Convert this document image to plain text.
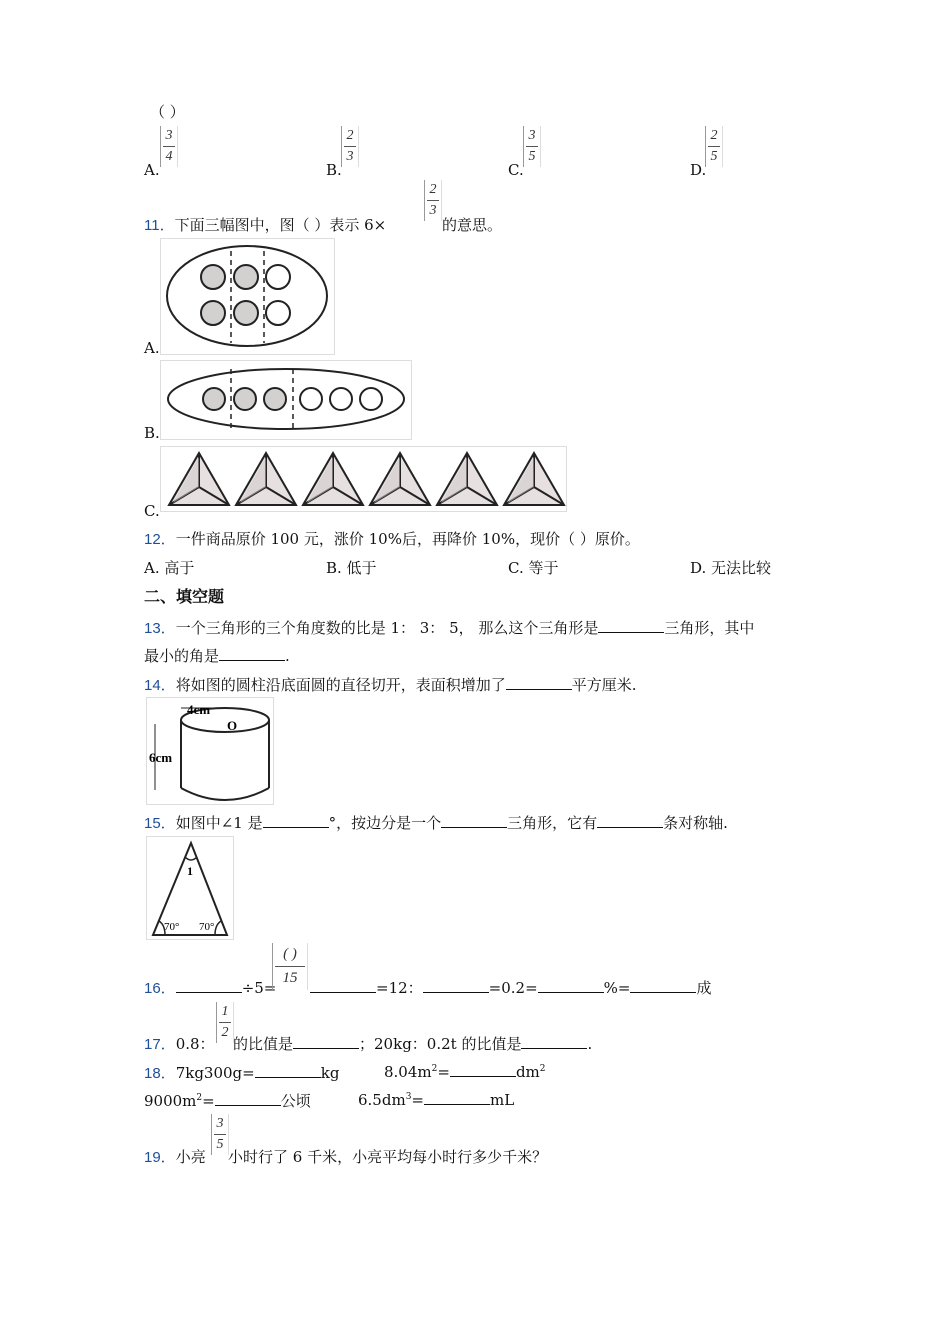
（ ）
A.
$\frac{3}{4}$
B.
$\frac{2}{3}$
C.
$\frac{3}{5}$
D.
$\frac{2}{5}$
11．下面三幅图中，图（ ）表示 6×
$\frac{2}{3}$
的意思。
A.
B.
C.
12．一件商品原价 100 元，涨价 10%后，再降价 10%，现价（ ）原价。
A. 高于	B. 低于	C. 等于	D. 无法比较
二、填空题
13．一个三角形的三个角度数的比是 1： 3： 5， 那么这个三角形是	三角形，其中
最小的角是	.
14．将如图的圆柱沿底面圆的直径切开，表面积增加了	平方厘米.
4cm
O
6cm
15．如图中∠1 是	°，按边分是一个	三角形，它有	条对称轴.
1
70° 70°
16．	÷5=
( )
15
=12：	=0.2=	%=	成
17．0.8：
$\frac{1}{2}$
的比值是	；20kg：0.2t 的比值是	.
18．7kg300g=	kg	$8.04m^2=$	$dm^2$
$9000m^2=$	公顷	$6.5dm^3=$	mL
19．小亮
$\frac{3}{5}$
小时行了 6 千米，小亮平均每小时行多少千米？
